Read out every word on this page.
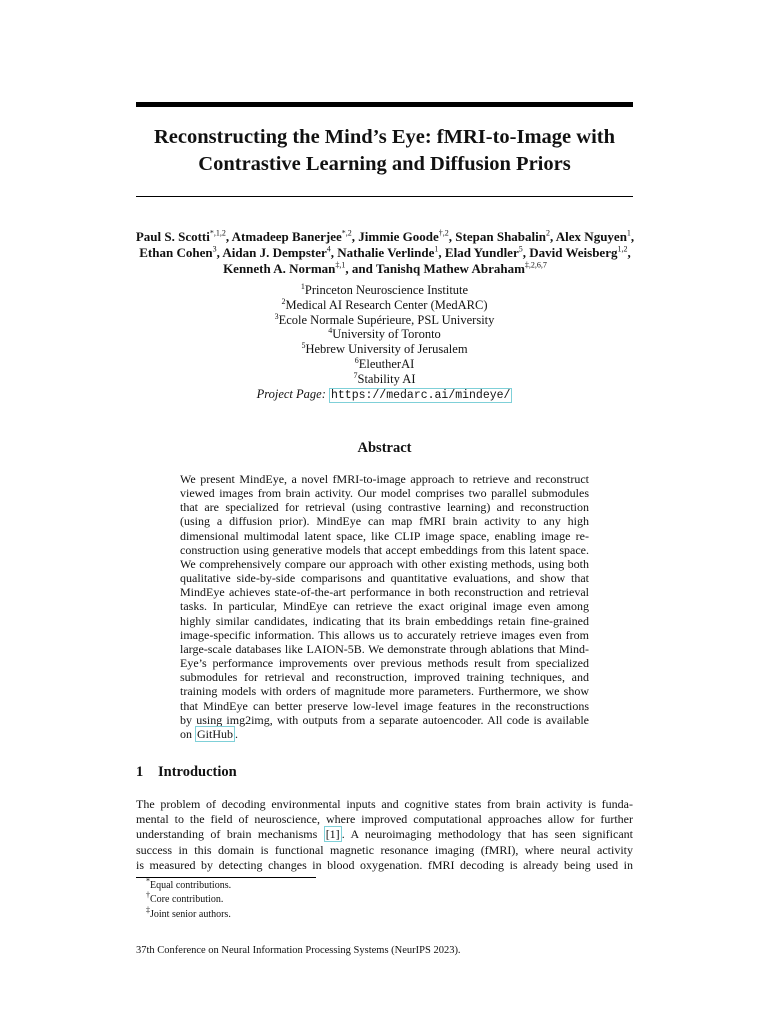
Reconstructing the Mind’s Eye: fMRI-to-Image with
Contrastive Learning and Diffusion Priors
Paul S. Scotti$^{*,1,2}$, Atmadeep Banerjee$^{*,2}$, Jimmie Goode$^{\dagger,2}$, Stepan Shabalin$^2$, Alex Nguyen$^1$,
Ethan Cohen$^3$, Aidan J. Dempster$^4$, Nathalie Verlinde$^1$, Elad Yundler$^5$, David Weisberg$^{1,2}$,
Kenneth A. Norman$^{\ddagger,1}$, and Tanishq Mathew Abraham$^{\ddagger,2,6,7}$
$^1$Princeton Neuroscience Institute
$^2$Medical AI Research Center (MedARC)
$^3$Ecole Normale Supérieure, PSL University
$^4$University of Toronto
$^5$Hebrew University of Jerusalem
$^6$EleutherAI
$^7$Stability AI
Project Page: https://medarc.ai/mindeye/
Abstract
We present MindEye, a novel fMRI-to-image approach to retrieve and reconstruct
viewed images from brain activity. Our model comprises two parallel submodules
that are specialized for retrieval (using contrastive learning) and reconstruction
(using a diffusion prior). MindEye can map fMRI brain activity to any high
dimensional multimodal latent space, like CLIP image space, enabling image re-
construction using generative models that accept embeddings from this latent space.
We comprehensively compare our approach with other existing methods, using both
qualitative side-by-side comparisons and quantitative evaluations, and show that
MindEye achieves state-of-the-art performance in both reconstruction and retrieval
tasks. In particular, MindEye can retrieve the exact original image even among
highly similar candidates, indicating that its brain embeddings retain fine-grained
image-specific information. This allows us to accurately retrieve images even from
large-scale databases like LAION-5B. We demonstrate through ablations that Mind-
Eye’s performance improvements over previous methods result from specialized
submodules for retrieval and reconstruction, improved training techniques, and
training models with orders of magnitude more parameters. Furthermore, we show
that MindEye can better preserve low-level image features in the reconstructions
by using img2img, with outputs from a separate autoencoder. All code is available
on GitHub .
1 Introduction
The problem of decoding environmental inputs and cognitive states from brain activity is funda-
mental to the field of neuroscience, where improved computational approaches allow for further
understanding of brain mechanisms [1] . A neuroimaging methodology that has seen significant
success in this domain is functional magnetic resonance imaging (fMRI), where neural activity
is measured by detecting changes in blood oxygenation. fMRI decoding is already being used in
*Equal contributions.
†Core contribution.
‡Joint senior authors.
37th Conference on Neural Information Processing Systems (NeurIPS 2023).
